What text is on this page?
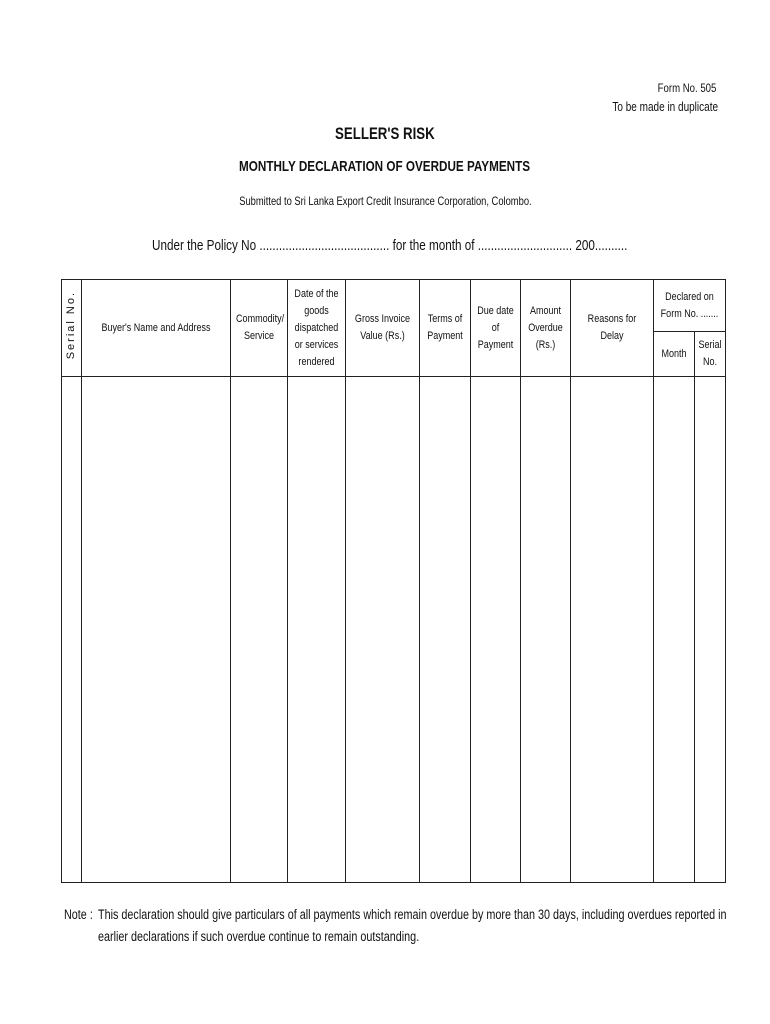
Form No. 505
To be made in duplicate
SELLER'S RISK
MONTHLY DECLARATION OF OVERDUE PAYMENTS
Submitted to Sri Lanka Export Credit Insurance Corporation, Colombo.
Under the Policy No ........................................ for the month of ............................. 200..........
Serial No.	Buyer's Name and Address	Commodity/ Service	Date of the goods dispatched or services rendered	Gross Invoice Value (Rs.)	Terms of Payment	Due date of Payment	Amount Overdue (Rs.)	Reasons for Delay	Declared on Form No. .......	

									Month	Serial No.

Note : This declaration should give particulars of all payments which remain overdue by more than 30 days, including overdues reported in earlier declarations if such overdue continue to remain outstanding.
